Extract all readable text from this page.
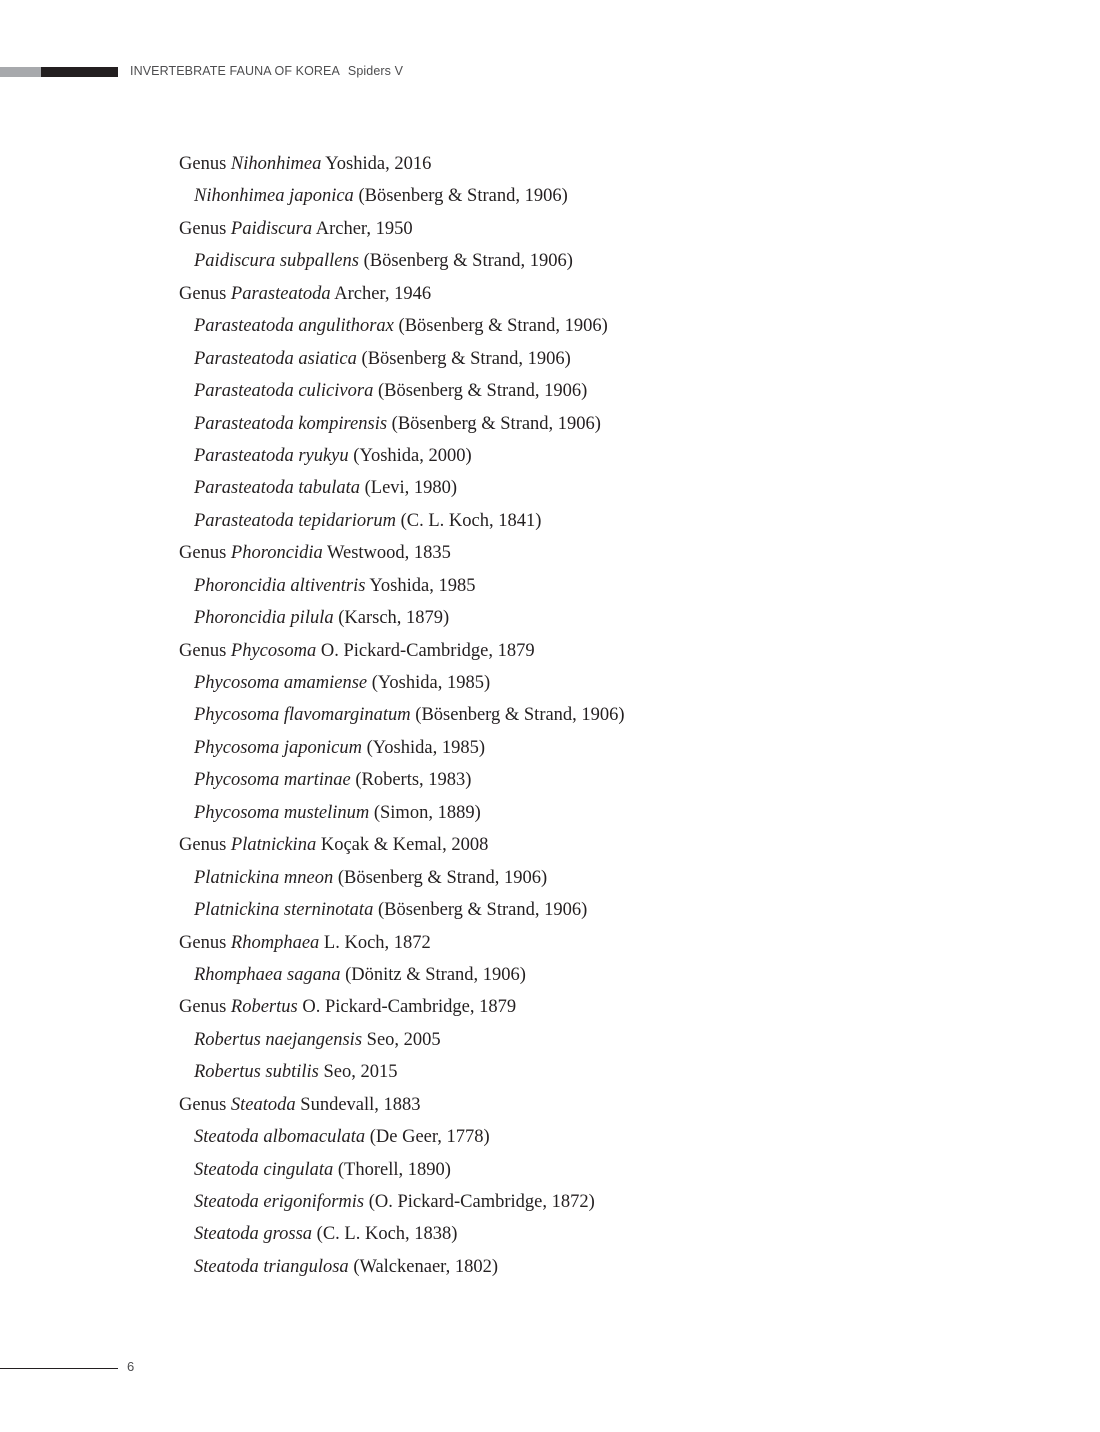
INVERTEBRATE FAUNA OF KOREA Spiders V
Genus Nihonhimea Yoshida, 2016
Nihonhimea japonica (Bösenberg & Strand, 1906)
Genus Paidiscura Archer, 1950
Paidiscura subpallens (Bösenberg & Strand, 1906)
Genus Parasteatoda Archer, 1946
Parasteatoda angulithorax (Bösenberg & Strand, 1906)
Parasteatoda asiatica (Bösenberg & Strand, 1906)
Parasteatoda culicivora (Bösenberg & Strand, 1906)
Parasteatoda kompirensis (Bösenberg & Strand, 1906)
Parasteatoda ryukyu (Yoshida, 2000)
Parasteatoda tabulata (Levi, 1980)
Parasteatoda tepidariorum (C. L. Koch, 1841)
Genus Phoroncidia Westwood, 1835
Phoroncidia altiventris Yoshida, 1985
Phoroncidia pilula (Karsch, 1879)
Genus Phycosoma O. Pickard-Cambridge, 1879
Phycosoma amamiense (Yoshida, 1985)
Phycosoma flavomarginatum (Bösenberg & Strand, 1906)
Phycosoma japonicum (Yoshida, 1985)
Phycosoma martinae (Roberts, 1983)
Phycosoma mustelinum (Simon, 1889)
Genus Platnickina Koçak & Kemal, 2008
Platnickina mneon (Bösenberg & Strand, 1906)
Platnickina sterninotata (Bösenberg & Strand, 1906)
Genus Rhomphaea L. Koch, 1872
Rhomphaea sagana (Dönitz & Strand, 1906)
Genus Robertus O. Pickard-Cambridge, 1879
Robertus naejangensis Seo, 2005
Robertus subtilis Seo, 2015
Genus Steatoda Sundevall, 1883
Steatoda albomaculata (De Geer, 1778)
Steatoda cingulata (Thorell, 1890)
Steatoda erigoniformis (O. Pickard-Cambridge, 1872)
Steatoda grossa (C. L. Koch, 1838)
Steatoda triangulosa (Walckenaer, 1802)
6
